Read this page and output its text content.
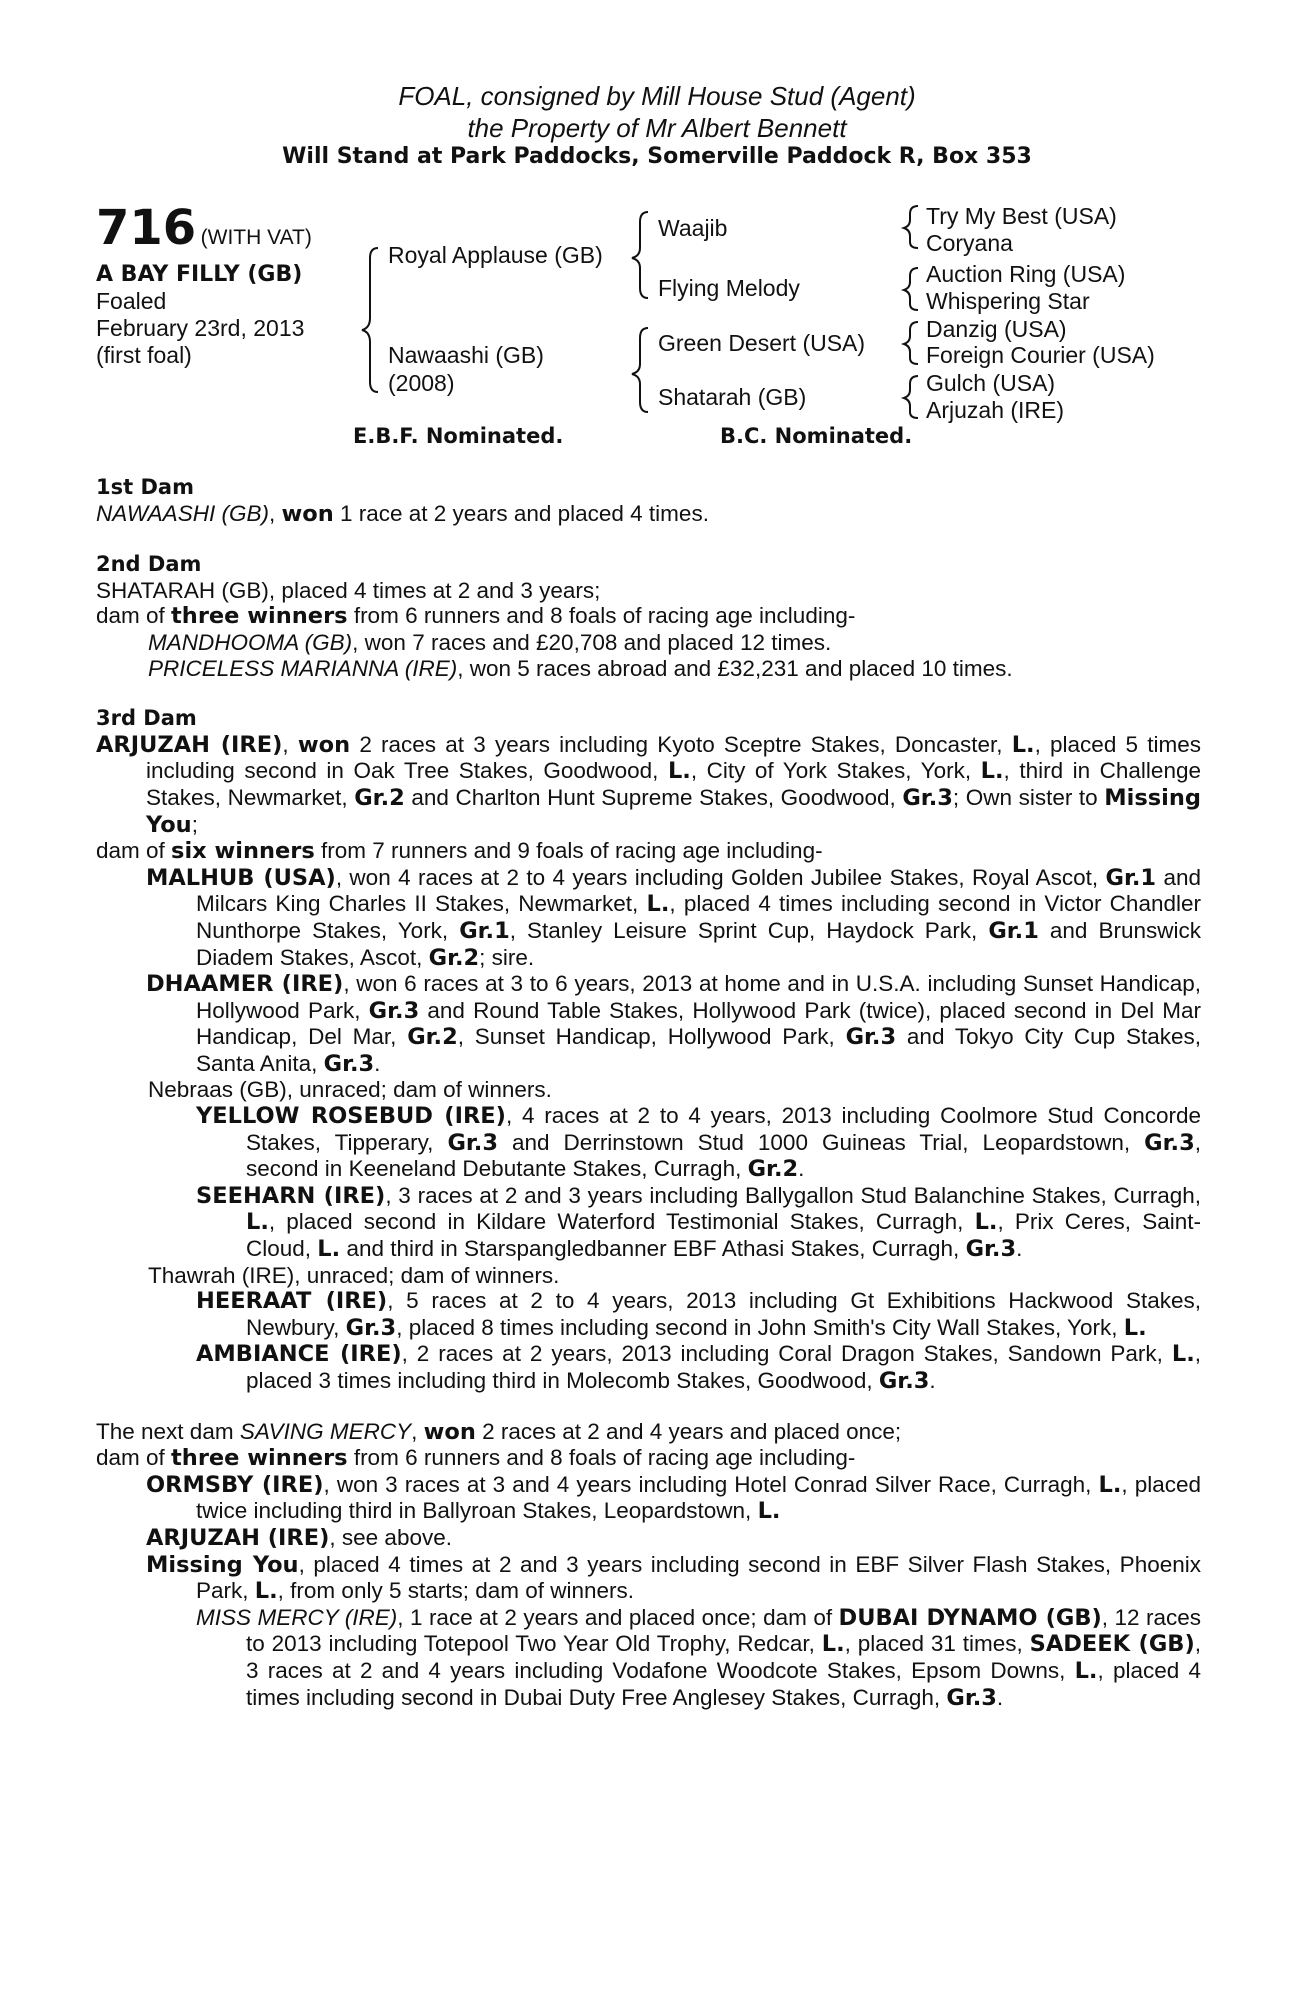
FOAL, consigned by Mill House Stud (Agent)
the Property of Mr Albert Bennett
Will Stand at Park Paddocks, Somerville Paddock R, Box 353
716 (WITH VAT)
A BAY FILLY (GB)
Foaled
February 23rd, 2013
(first foal)
Royal Applause (GB)
Nawaashi (GB)
(2008)
Waajib
Flying Melody
Green Desert (USA)
Shatarah (GB)
Try My Best (USA)
Coryana
Auction Ring (USA)
Whispering Star
Danzig (USA)
Foreign Courier (USA)
Gulch (USA)
Arjuzah (IRE)
E.B.F. Nominated.	B.C. Nominated.

1st Dam

NAWAASHI (GB), won 1 race at 2 years and placed 4 times.

2nd Dam

SHATARAH (GB), placed 4 times at 2 and 3 years;

dam of three winners from 6 runners and 8 foals of racing age including-

MANDHOOMA (GB), won 7 races and £20,708 and placed 12 times.

PRICELESS MARIANNA (IRE), won 5 races abroad and £32,231 and placed 10 times.

3rd Dam

ARJUZAH (IRE), won 2 races at 3 years including Kyoto Sceptre Stakes, Doncaster, L., placed 5 times including second in Oak Tree Stakes, Goodwood, L., City of York Stakes, York, L., third in Challenge Stakes, Newmarket, Gr.2 and Charlton Hunt Supreme Stakes, Goodwood, Gr.3; Own sister to Missing You;

dam of six winners from 7 runners and 9 foals of racing age including-

MALHUB (USA), won 4 races at 2 to 4 years including Golden Jubilee Stakes, Royal Ascot, Gr.1 and Milcars King Charles II Stakes, Newmarket, L., placed 4 times including second in Victor Chandler Nunthorpe Stakes, York, Gr.1, Stanley Leisure Sprint Cup, Haydock Park, Gr.1 and Brunswick Diadem Stakes, Ascot, Gr.2; sire.

DHAAMER (IRE), won 6 races at 3 to 6 years, 2013 at home and in U.S.A. including Sunset Handicap, Hollywood Park, Gr.3 and Round Table Stakes, Hollywood Park (twice), placed second in Del Mar Handicap, Del Mar, Gr.2, Sunset Handicap, Hollywood Park, Gr.3 and Tokyo City Cup Stakes, Santa Anita, Gr.3.

Nebraas (GB), unraced; dam of winners.

YELLOW ROSEBUD (IRE), 4 races at 2 to 4 years, 2013 including Coolmore Stud Concorde Stakes, Tipperary, Gr.3 and Derrinstown Stud 1000 Guineas Trial, Leopardstown, Gr.3, second in Keeneland Debutante Stakes, Curragh, Gr.2.

SEEHARN (IRE), 3 races at 2 and 3 years including Ballygallon Stud Balanchine Stakes, Curragh, L., placed second in Kildare Waterford Testimonial Stakes, Curragh, L., Prix Ceres, Saint-Cloud, L. and third in Starspangledbanner EBF Athasi Stakes, Curragh, Gr.3.

Thawrah (IRE), unraced; dam of winners.

HEERAAT (IRE), 5 races at 2 to 4 years, 2013 including Gt Exhibitions Hackwood Stakes, Newbury, Gr.3, placed 8 times including second in John Smith's City Wall Stakes, York, L.

AMBIANCE (IRE), 2 races at 2 years, 2013 including Coral Dragon Stakes, Sandown Park, L., placed 3 times including third in Molecomb Stakes, Goodwood, Gr.3.

The next dam SAVING MERCY, won 2 races at 2 and 4 years and placed once;

dam of three winners from 6 runners and 8 foals of racing age including-

ORMSBY (IRE), won 3 races at 3 and 4 years including Hotel Conrad Silver Race, Curragh, L., placed twice including third in Ballyroan Stakes, Leopardstown, L.

ARJUZAH (IRE), see above.

Missing You, placed 4 times at 2 and 3 years including second in EBF Silver Flash Stakes, Phoenix Park, L., from only 5 starts; dam of winners.

MISS MERCY (IRE), 1 race at 2 years and placed once; dam of DUBAI DYNAMO (GB), 12 races to 2013 including Totepool Two Year Old Trophy, Redcar, L., placed 31 times, SADEEK (GB), 3 races at 2 and 4 years including Vodafone Woodcote Stakes, Epsom Downs, L., placed 4 times including second in Dubai Duty Free Anglesey Stakes, Curragh, Gr.3.
